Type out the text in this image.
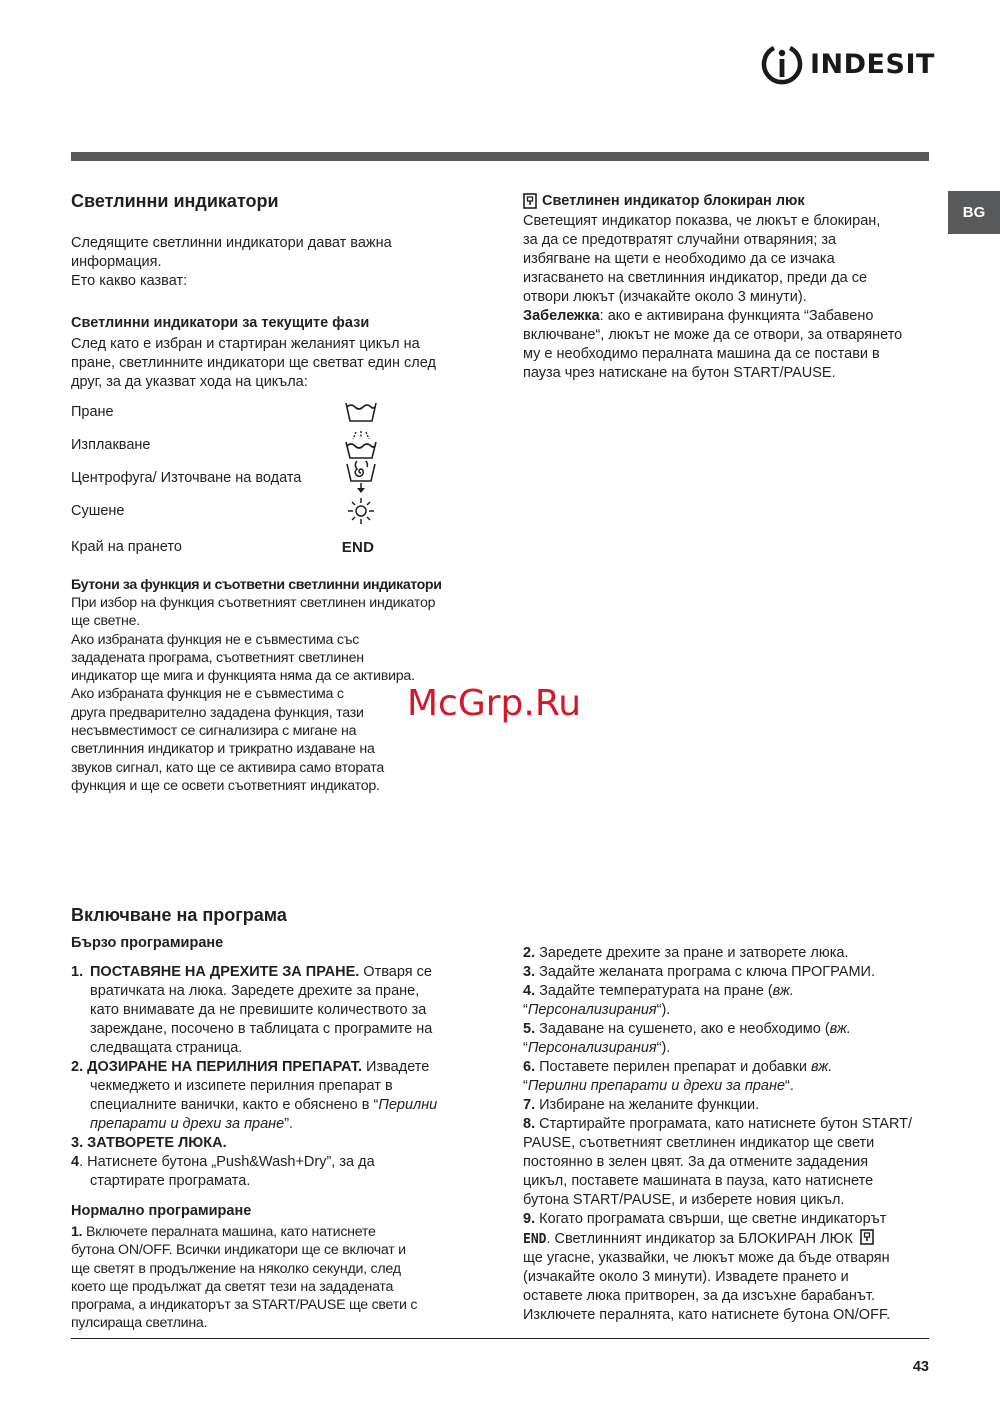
INDESIT
BG
Светлинни индикатори
Следящите светлинни индикатори дават важна
информация.
Ето какво казват:
Светлинни индикатори за текущите фази
След като е избран и стартиран желаният цикъл на
пране, светлинните индикатори ще светват един след
друг, за да указват хода на цикъла:
Пране
Изплакване
Центрофуга/ Източване на водата
Сушене
Край на прането	END
Бутони за функция и съответни светлинни индикатори
При избор на функция съответният светлинен индикатор
ще светне.
Ако избраната функция не е съвместима със
зададената програма, съответният светлинен
индикатор ще мига и функцията няма да се активира.
Ако избраната функция не е съвместима с
друга предварително зададена функция, тази
несъвместимост се сигнализира с мигане на
светлинния индикатор и трикратно издаване на
звуков сигнал, като ще се активира само втората
функция и ще се освети съответният индикатор.
Светлинен индикатор блокиран люк
Светещият индикатор показва, че люкът е блокиран,
за да се предотвратят случайни отваряния; за
избягване на щети е необходимо да се изчака
изгасването на светлинния индикатор, преди да се
отвори люкът (изчакайте около 3 минути).
Забележка: ако е активирана функцията “Забавено
включване“, люкът не може да се отвори, за отварянето
му е необходимо пералната машина да се постави в
пауза чрез натискане на бутон START/PAUSE.
McGrp.Ru
Включване на програма
Бързо програмиране
1. ПОСТАВЯНЕ НА ДРЕХИТЕ ЗА ПРАНЕ. Отваря се
вратичката на люка. Заредете дрехите за пране,
като внимавате да не превишите количеството за
зареждане, посочено в таблицата с програмите на
следващата страница.
2. ДОЗИРАНЕ НА ПЕРИЛНИЯ ПРЕПАРАТ. Извадете
чекмеджето и изсипете перилния препарат в
специалните ванички, както е обяснено в “Перилни
препарати и дрехи за пране”.
3. ЗАТВОРЕТЕ ЛЮКА.
4. Натиснете бутона „Push&Wash+Dry”, за да
стартирате програмата.
Нормално програмиране
1. Включете пералната машина, като натиснете
бутона ON/OFF. Всички индикатори ще се включат и
ще светят в продължение на няколко секунди, след
което ще продължат да светят тези на зададената
програма, а индикаторът за START/PAUSE ще свети с
пулсираща светлина.
2. Заредете дрехите за пране и затворете люка.
3. Задайте желаната програма с ключа ПРОГРАМИ.
4. Задайте температурата на пране (вж.
“Персонализирания“).
5. Задаване на сушенето, ако е необходимо (вж.
“Персонализирания“).
6. Поставете перилен препарат и добавки вж.
“Перилни препарати и дрехи за пране“.
7. Избиране на желаните функции.
8. Стартирайте програмата, като натиснете бутон START/
PAUSE, съответният светлинен индикатор ще свети
постоянно в зелен цвят. За да отмените зададения
цикъл, поставете машината в пауза, като натиснете
бутона START/PAUSE, и изберете новия цикъл.
9. Когато програмата свърши, ще светне индикаторът
END. Светлинният индикатор за БЛОКИРАН ЛЮК
ще угасне, указвайки, че люкът може да бъде отварян
(изчакайте около 3 минути). Извадете прането и
оставете люка притворен, за да изсъхне барабанът.
Изключете пералнята, като натиснете бутона ON/OFF.
43
